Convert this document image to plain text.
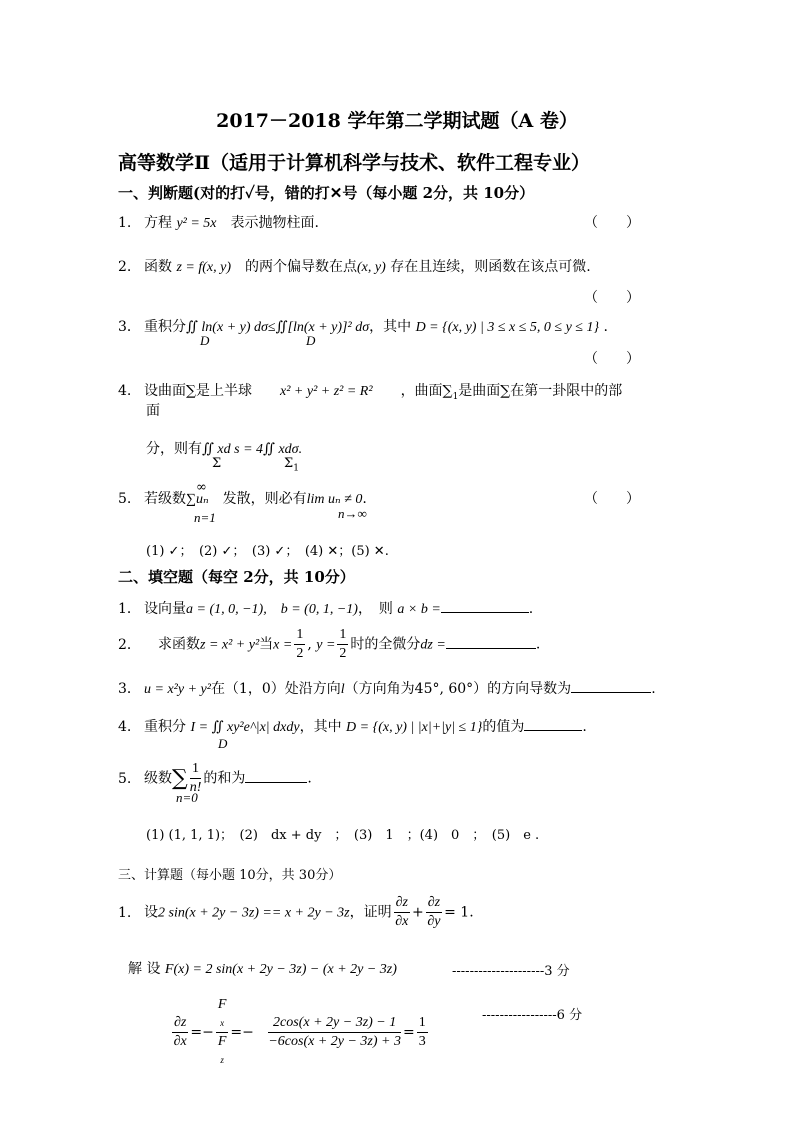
2017－2018 学年第二学期试题（A 卷）
高等数学Ⅱ（适用于计算机科学与技术、软件工程专业）
一、判断题(对的打✓号，错的打✕号（每小题 2分，共 10分）
1. 方程 y² = 5x　 表示抛物柱面.	（　　）
2. 函数 z = f(x, y)　 的两个偏导数在点(x, y) 存在且连续，则函数在该点可微.
（　　）
3． 重积分∬ ln(x + y) dσ≤∬[ln(x + y)]² dσ，其中 D = {(x, y) | 3 ≤ x ≤ 5, 0 ≤ y ≤ 1} .
D	D
（　　）
4. 设曲面∑是上半球　　 x² + y² + z² = R²　　 ，曲面$\sum_1$是曲面∑在第一卦限中的部
面
分，则有∬ xd s = 4∬ xdσ.
Σ	$\Sigma_1$
5. 若级数∑uₙ　 发散，则必有lim uₙ ≠ 0.
∞
n=1	n→∞
（　　）
(1) ✓；　(2) ✓；　(3) ✓；　(4) ✕；(5) ✕.
二、填空题（每空 2分，共 10分）
1． 设向量a = (1, 0, −1),　b = (0, 1, −1)，　则 a × b =	.
2．　 求函数z = x² + y²当$x = \frac{1}{2}$ , $y = \frac{1}{2}$ 时的全微分dz =	.
3． u = x²y + y²在（1，0）处沿方向l（方向角为45°, 60°）的方向导数为	.
4. 重积分 I = ∬ xy²e^|x| dxdy，其中 D = {(x, y) | |x|+|y| ≤ 1}的值为	.
D
5. 级数∑ $\frac{1}{n!}$ 的和为	.
n=0
(1) (1, 1, 1)；　(2)　dx + dy　；　(3)　1　；(4)　0　；　(5)　e .
三、计算题（每小题 10分，共 30分）
1. 设2 sin(x + 2y − 3z) == x + 2y − 3z，证明 $\frac{\partial z}{\partial x} + \frac{\partial z}{\partial y} = 1$.
解 设 F(x) = 2 sin(x + 2y − 3z) − (x + 2y − 3z)	---------------------3 分
$\frac{\partial z}{\partial x} =- F$
x
F
$z =- \frac{2\cos(x + 2y - 3z) - 1}{-6\cos(x + 2y - 3z) + 3} = \frac{1}{3}$	-----------------6 分
